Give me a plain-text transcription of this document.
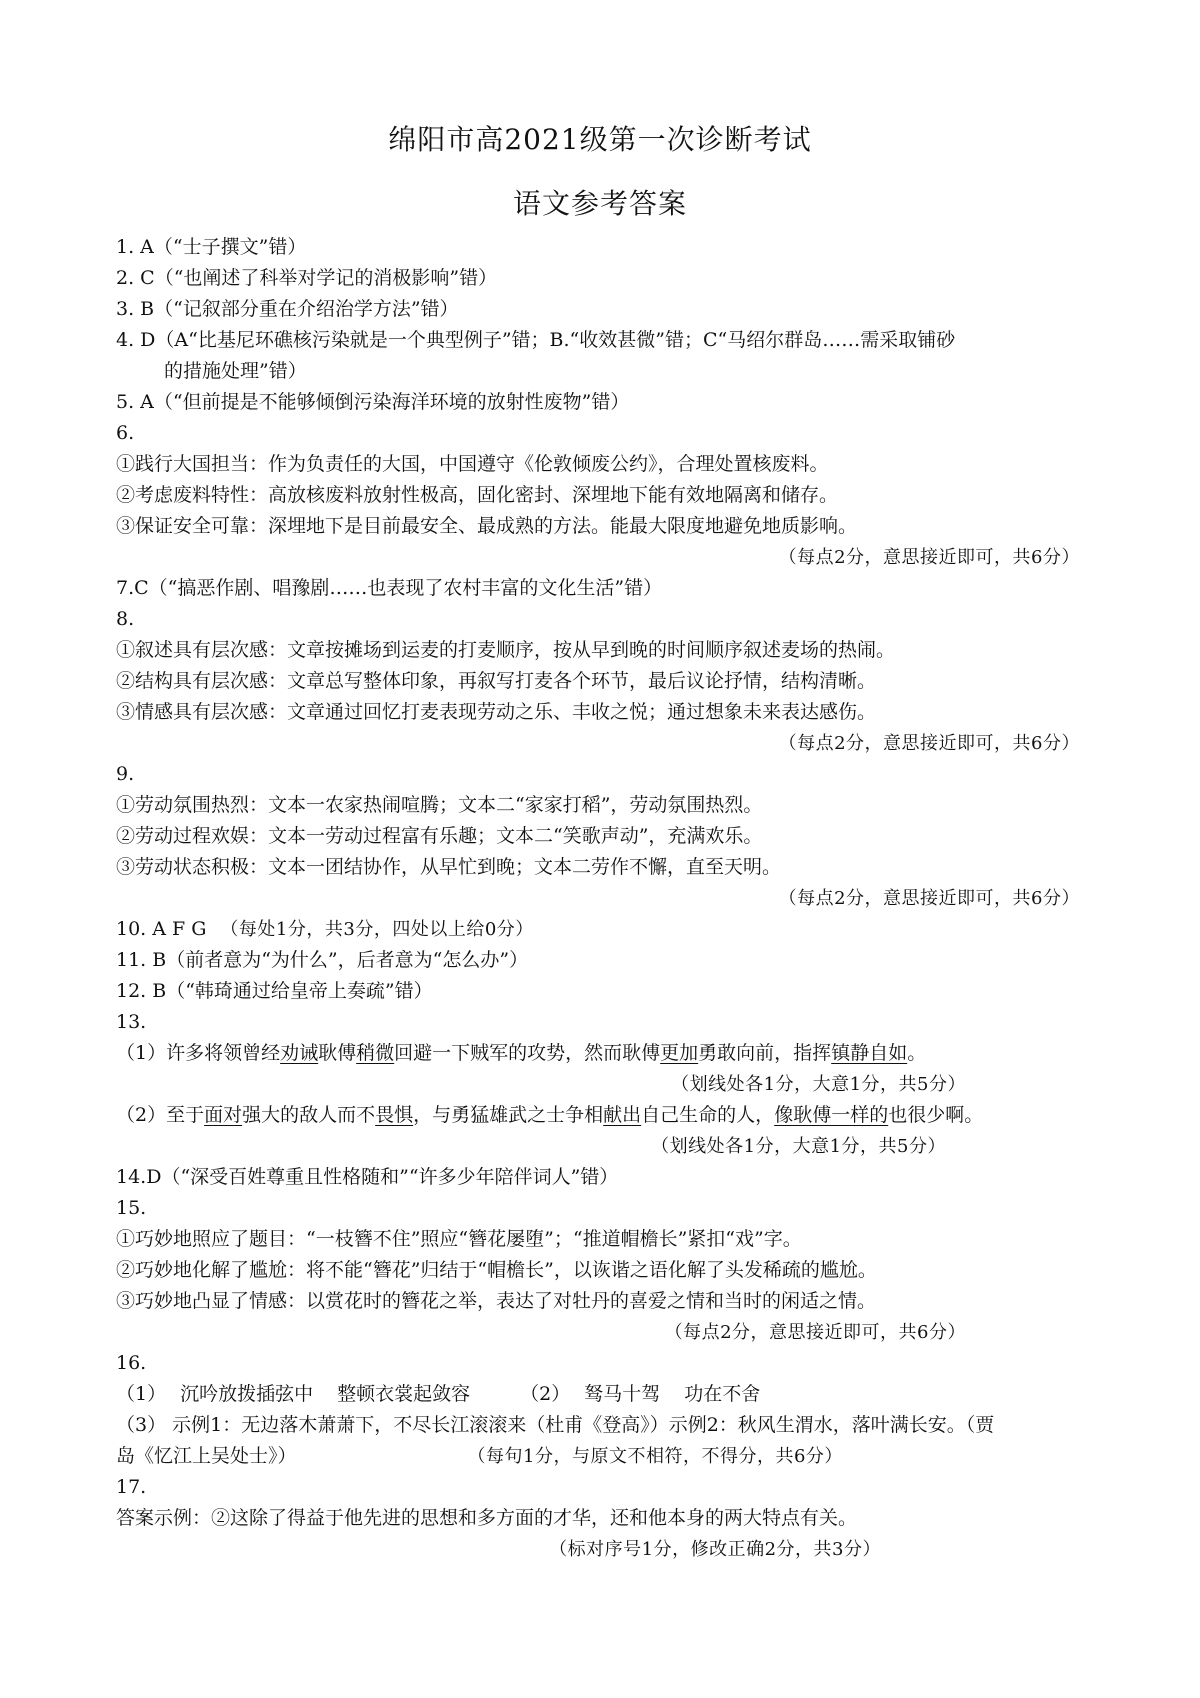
绵阳市高2021级第一次诊断考试
语文参考答案
1. A（“士子撰文”错）
2. C（“也阐述了科举对学记的消极影响”错）
3. B（“记叙部分重在介绍治学方法”错）
4. D（A“比基尼环礁核污染就是一个典型例子”错；B.“收效甚微”错；C“马绍尔群岛……需采取铺砂
的措施处理”错）
5. A（“但前提是不能够倾倒污染海洋环境的放射性废物”错）
6.
①践行大国担当：作为负责任的大国，中国遵守《伦敦倾废公约》，合理处置核废料。
②考虑废料特性：高放核废料放射性极高，固化密封、深埋地下能有效地隔离和储存。
③保证安全可靠：深埋地下是目前最安全、最成熟的方法。能最大限度地避免地质影响。
（每点2分，意思接近即可，共6分）
7.C（“搞恶作剧、唱豫剧……也表现了农村丰富的文化生活”错）
8.
①叙述具有层次感：文章按摊场到运麦的打麦顺序，按从早到晚的时间顺序叙述麦场的热闹。
②结构具有层次感：文章总写整体印象，再叙写打麦各个环节，最后议论抒情，结构清晰。
③情感具有层次感：文章通过回忆打麦表现劳动之乐、丰收之悦；通过想象未来表达感伤。
（每点2分，意思接近即可，共6分）
9.
①劳动氛围热烈：文本一农家热闹喧腾；文本二“家家打稻”，劳动氛围热烈。
②劳动过程欢娱：文本一劳动过程富有乐趣；文本二“笑歌声动”，充满欢乐。
③劳动状态积极：文本一团结协作，从早忙到晚；文本二劳作不懈，直至天明。
（每点2分，意思接近即可，共6分）
10. A F G （每处1分，共3分，四处以上给0分）
11. B（前者意为“为什么”，后者意为“怎么办”）
12. B（“韩琦通过给皇帝上奏疏”错）
13.
（1）许多将领曾经劝诫耿傅稍微回避一下贼军的攻势，然而耿傅更加勇敢向前，指挥镇静自如。
（划线处各1分，大意1分，共5分）
（2）至于面对强大的敌人而不畏惧，与勇猛雄武之士争相献出自己生命的人，像耿傅一样的也很少啊。
（划线处各1分，大意1分，共5分）
14.D（“深受百姓尊重且性格随和”“许多少年陪伴词人”错）
15.
①巧妙地照应了题目：“一枝簪不住”照应“簪花屡堕”；“推道帽檐长”紧扣“戏”字。
②巧妙地化解了尴尬：将不能“簪花”归结于“帽檐长”，以诙谐之语化解了头发稀疏的尴尬。
③巧妙地凸显了情感：以赏花时的簪花之举，表达了对牡丹的喜爱之情和当时的闲适之情。
（每点2分，意思接近即可，共6分）
16.
（1） 沉吟放拨插弦中 整顿衣裳起敛容	（2） 驽马十驾 功在不舍
（3） 示例1：无边落木萧萧下，不尽长江滚滚来（杜甫《登高》）示例2：秋风生渭水，落叶满长安。（贾
岛《忆江上吴处士》）	（每句1分，与原文不相符，不得分，共6分）
17.
答案示例：②这除了得益于他先进的思想和多方面的才华，还和他本身的两大特点有关。
（标对序号1分，修改正确2分，共3分）
